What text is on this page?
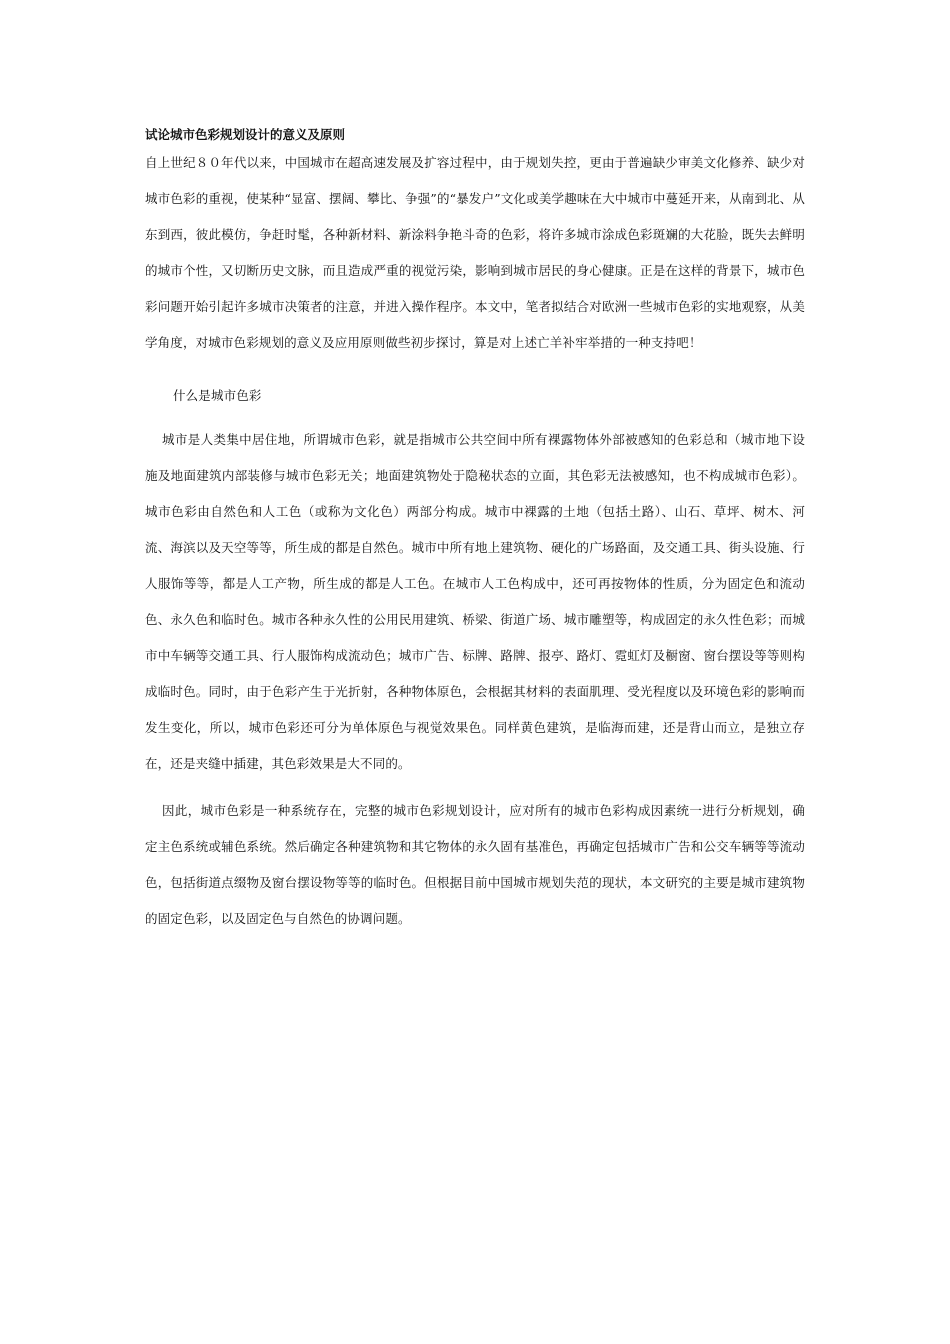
试论城市色彩规划设计的意义及原则

自上世纪８０年代以来，中国城市在超高速发展及扩容过程中，由于规划失控，更由于普遍缺少审美文化修养、缺少对城市色彩的重视，使某种“显富、摆阔、攀比、争强”的“暴发户”文化或美学趣味在大中城市中蔓延开来，从南到北、从东到西，彼此模仿，争赶时髦，各种新材料、新涂料争艳斗奇的色彩，将许多城市涂成色彩斑斓的大花脸，既失去鲜明的城市个性，又切断历史文脉，而且造成严重的视觉污染，影响到城市居民的身心健康。正是在这样的背景下，城市色彩问题开始引起许多城市决策者的注意，并进入操作程序。本文中，笔者拟结合对欧洲一些城市色彩的实地观察，从美学角度，对城市色彩规划的意义及应用原则做些初步探讨，算是对上述亡羊补牢举措的一种支持吧！

什么是城市色彩

城市是人类集中居住地，所谓城市色彩，就是指城市公共空间中所有裸露物体外部被感知的色彩总和（城市地下设施及地面建筑内部装修与城市色彩无关；地面建筑物处于隐秘状态的立面，其色彩无法被感知，也不构成城市色彩）。城市色彩由自然色和人工色（或称为文化色）两部分构成。城市中裸露的土地（包括土路）、山石、草坪、树木、河流、海滨以及天空等等，所生成的都是自然色。城市中所有地上建筑物、硬化的广场路面，及交通工具、街头设施、行人服饰等等，都是人工产物，所生成的都是人工色。在城市人工色构成中，还可再按物体的性质，分为固定色和流动色、永久色和临时色。城市各种永久性的公用民用建筑、桥梁、街道广场、城市雕塑等，构成固定的永久性色彩；而城市中车辆等交通工具、行人服饰构成流动色；城市广告、标牌、路牌、报亭、路灯、霓虹灯及橱窗、窗台摆设等等则构成临时色。同时，由于色彩产生于光折射，各种物体原色，会根据其材料的表面肌理、受光程度以及环境色彩的影响而发生变化，所以，城市色彩还可分为单体原色与视觉效果色。同样黄色建筑，是临海而建，还是背山而立，是独立存在，还是夹缝中插建，其色彩效果是大不同的。

因此，城市色彩是一种系统存在，完整的城市色彩规划设计，应对所有的城市色彩构成因素统一进行分析规划，确定主色系统或辅色系统。然后确定各种建筑物和其它物体的永久固有基准色，再确定包括城市广告和公交车辆等等流动色，包括街道点缀物及窗台摆设物等等的临时色。但根据目前中国城市规划失范的现状，本文研究的主要是城市建筑物的固定色彩，以及固定色与自然色的协调问题。
